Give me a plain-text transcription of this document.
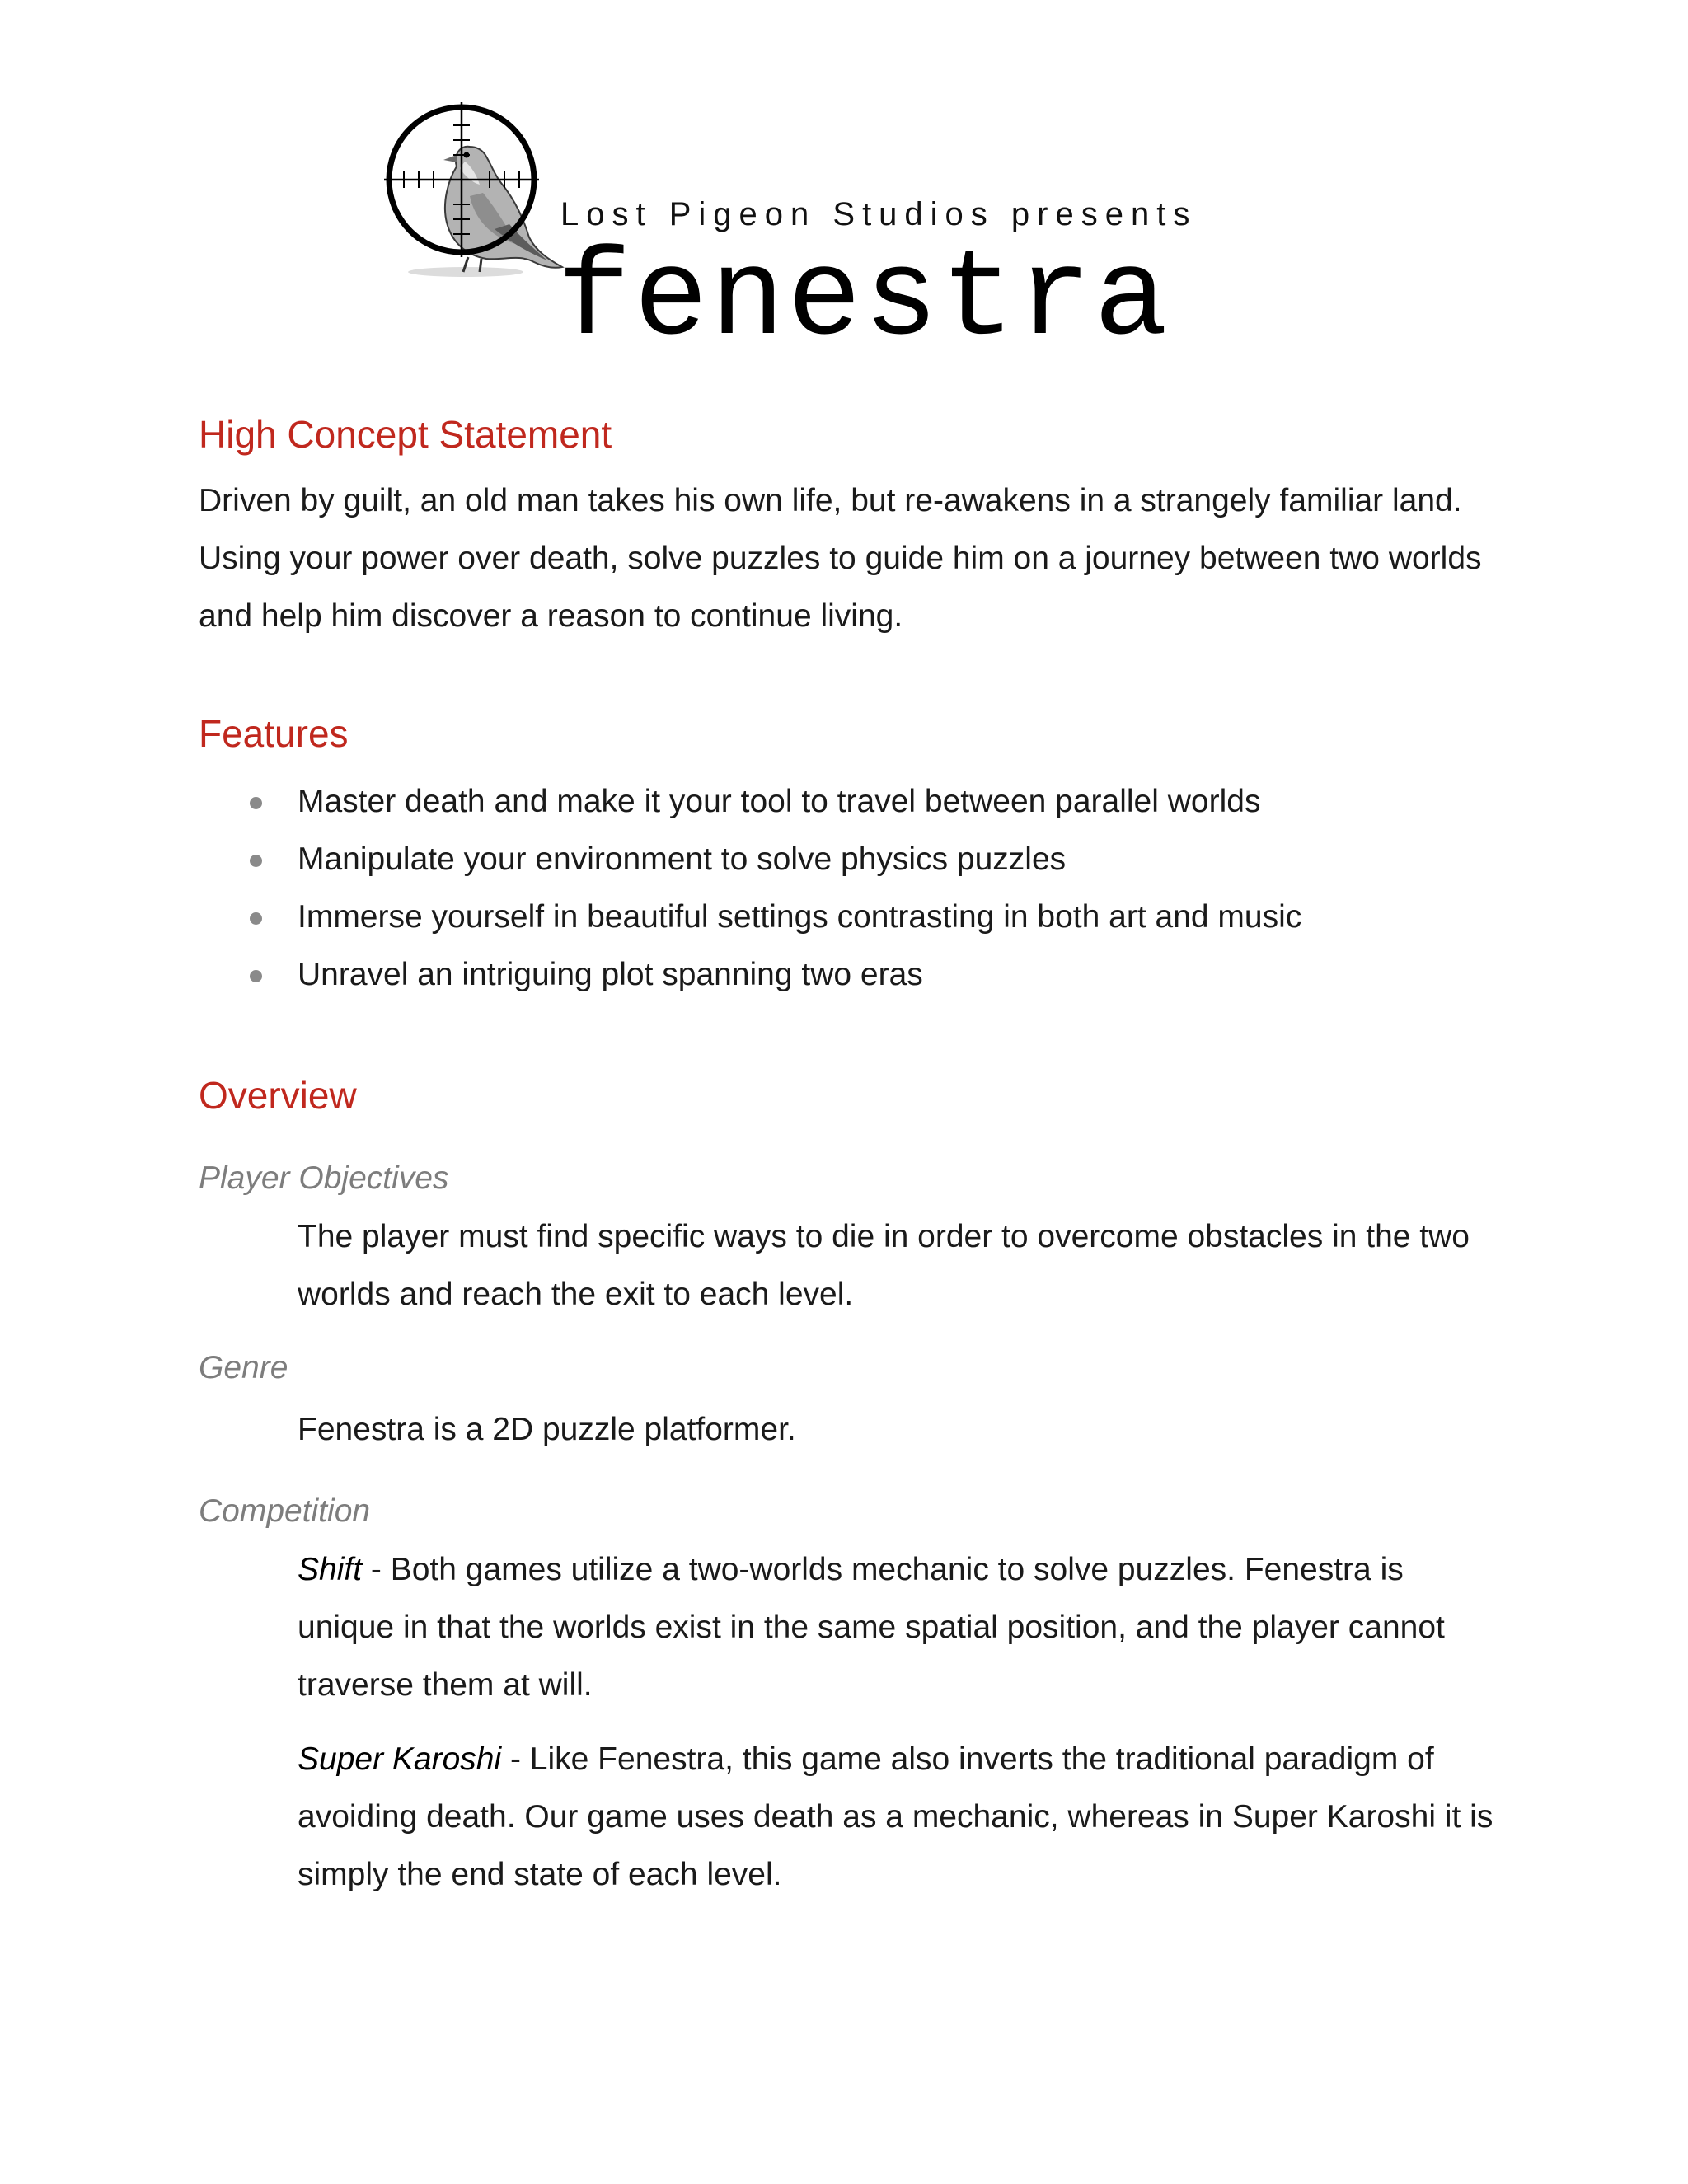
Lost Pigeon Studios presents
fenestra
High Concept Statement

Driven by guilt, an old man takes his own life, but re-awakens in a strangely familiar land. Using your power over death, solve puzzles to guide him on a journey between two worlds and help him discover a reason to continue living.

Features
Master death and make it your tool to travel between parallel worlds
Manipulate your environment to solve physics puzzles
Immerse yourself in beautiful settings contrasting in both art and music
Unravel an intriguing plot spanning two eras
Overview
Player Objectives

The player must find specific ways to die in order to overcome obstacles in the two worlds and reach the exit to each level.

Genre

Fenestra is a 2D puzzle platformer.

Competition

Shift - Both games utilize a two-worlds mechanic to solve puzzles. Fenestra is unique in that the worlds exist in the same spatial position, and the player cannot traverse them at will.

Super Karoshi - Like Fenestra, this game also inverts the traditional paradigm of avoiding death. Our game uses death as a mechanic, whereas in Super Karoshi it is simply the end state of each level.
